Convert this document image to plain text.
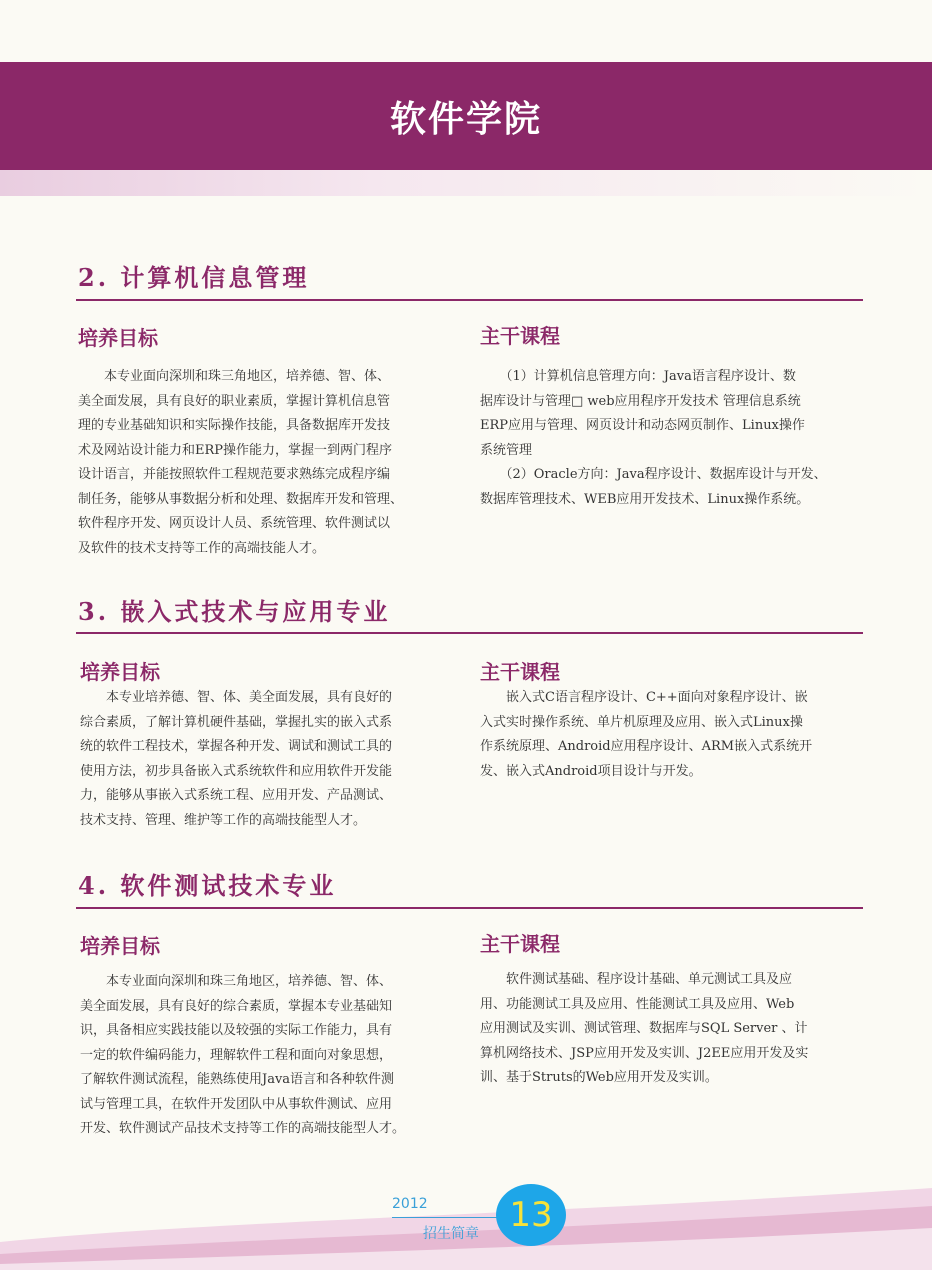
软件学院
2. 计算机信息管理
培养目标	主干课程
　　本专业面向深圳和珠三角地区，培养德、智、体、
美全面发展，具有良好的职业素质，掌握计算机信息管
理的专业基础知识和实际操作技能，具备数据库开发技
术及网站设计能力和ERP操作能力，掌握一到两门程序
设计语言，并能按照软件工程规范要求熟练完成程序编
制任务，能够从事数据分析和处理、数据库开发和管理、
软件程序开发、网页设计人员、系统管理、软件测试以
及软件的技术支持等工作的高端技能人才。
　　（1）计算机信息管理方向：Java语言程序设计、数
据库设计与管理□ web应用程序开发技术 管理信息系统
ERP应用与管理、网页设计和动态网页制作、Linux操作
系统管理
　　（2）Oracle方向：Java程序设计、数据库设计与开发、
数据库管理技术、WEB应用开发技术、Linux操作系统。
3. 嵌入式技术与应用专业
培养目标	主干课程
　　本专业培养德、智、体、美全面发展，具有良好的
综合素质，了解计算机硬件基础，掌握扎实的嵌入式系
统的软件工程技术，掌握各种开发、调试和测试工具的
使用方法，初步具备嵌入式系统软件和应用软件开发能
力，能够从事嵌入式系统工程、应用开发、产品测试、
技术支持、管理、维护等工作的高端技能型人才。
　　嵌入式C语言程序设计、C++面向对象程序设计、嵌
入式实时操作系统、单片机原理及应用、嵌入式Linux操
作系统原理、Android应用程序设计、ARM嵌入式系统开
发、嵌入式Android项目设计与开发。
4. 软件测试技术专业
培养目标	主干课程
　　本专业面向深圳和珠三角地区，培养德、智、体、
美全面发展，具有良好的综合素质，掌握本专业基础知
识，具备相应实践技能以及较强的实际工作能力，具有
一定的软件编码能力，理解软件工程和面向对象思想，
了解软件测试流程，能熟练使用Java语言和各种软件测
试与管理工具，在软件开发团队中从事软件测试、应用
开发、软件测试产品技术支持等工作的高端技能型人才。
　　软件测试基础、程序设计基础、单元测试工具及应
用、功能测试工具及应用、性能测试工具及应用、Web
应用测试及实训、测试管理、数据库与SQL Server 、计
算机网络技术、JSP应用开发及实训、J2EE应用开发及实
训、基于Struts的Web应用开发及实训。
2012
招生简章 13
